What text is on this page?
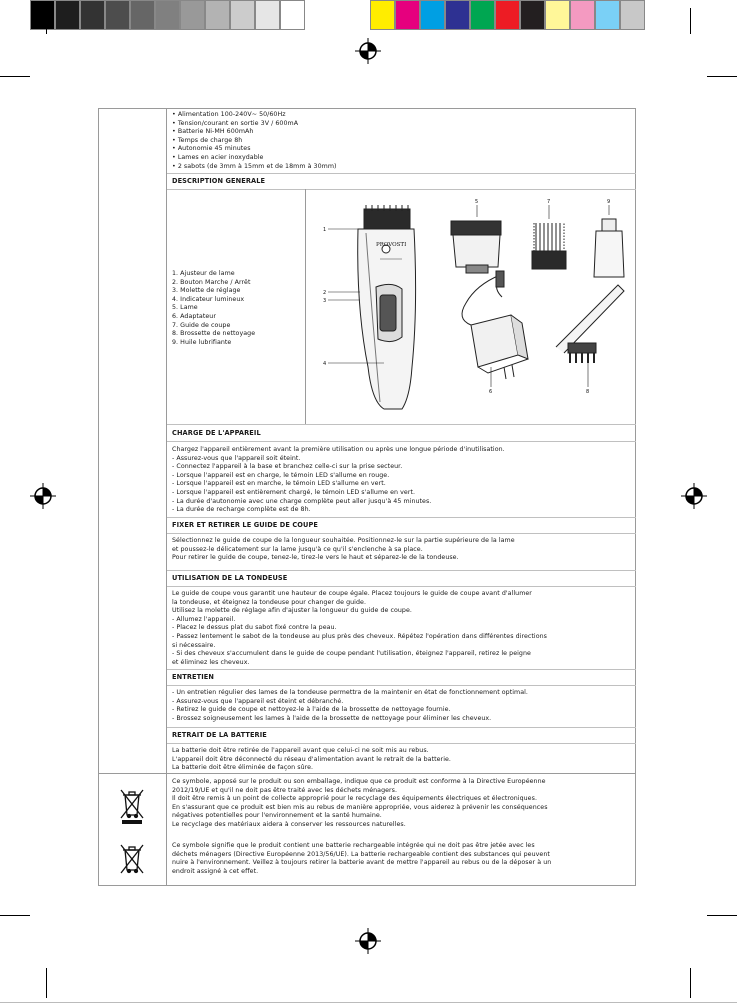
• Alimentation 100-240V~ 50/60Hz
• Tension/courant en sortie 3V / 600mA
• Batterie Ni-MH 600mAh
• Temps de charge 8h
• Autonomie 45 minutes
• Lames en acier inoxydable
• 2 sabots (de 3mm à 15mm et de 18mm à 30mm)
DESCRIPTION GENERALE
1. Ajusteur de lame
2. Bouton Marche / Arrêt
3. Molette de réglage
4. Indicateur lumineux
5. Lame
6. Adaptateur
7. Guide de coupe
8. Brossette de nettoyage
9. Huile lubrifiante
PROVOSTI
1
2
3
4
5	7	9
6	8
CHARGE DE L'APPAREIL

Chargez l'appareil entièrement avant la première utilisation ou après une longue période d'inutilisation.

- Assurez-vous que l'appareil soit éteint.

- Connectez l'appareil à la base et branchez celle-ci sur la prise secteur.

- Lorsque l'appareil est en charge, le témoin LED s'allume en rouge.

- Lorsque l'appareil est en marche, le témoin LED s'allume en vert.

- Lorsque l'appareil est entièrement chargé, le témoin LED s'allume en vert.

- La durée d'autonomie avec une charge complète peut aller jusqu'à 45 minutes.

- La durée de recharge complète est de 8h.

FIXER ET RETIRER LE GUIDE DE COUPE

Sélectionnez le guide de coupe de la longueur souhaitée. Positionnez-le sur la partie supérieure de la lame

et poussez-le délicatement sur la lame jusqu'à ce qu'il s'enclenche à sa place.

Pour retirer le guide de coupe, tenez-le, tirez-le vers le haut et séparez-le de la tondeuse.

UTILISATION DE LA TONDEUSE

Le guide de coupe vous garantit une hauteur de coupe égale. Placez toujours le guide de coupe avant d'allumer

la tondeuse, et éteignez la tondeuse pour changer de guide.

Utilisez la molette de réglage afin d'ajuster la longueur du guide de coupe.

- Allumez l'appareil.

- Placez le dessus plat du sabot fixé contre la peau.

- Passez lentement le sabot de la tondeuse au plus près des cheveux. Répétez l'opération dans différentes directions

si nécessaire.

- Si des cheveux s'accumulent dans le guide de coupe pendant l'utilisation, éteignez l'appareil, retirez le peigne

et éliminez les cheveux.

ENTRETIEN

- Un entretien régulier des lames de la tondeuse permettra de la maintenir en état de fonctionnement optimal.

- Assurez-vous que l'appareil est éteint et débranché.

- Retirez le guide de coupe et nettoyez-le à l'aide de la brossette de nettoyage fournie.

- Brossez soigneusement les lames à l'aide de la brossette de nettoyage pour éliminer les cheveux.

RETRAIT DE LA BATTERIE

La batterie doit être retirée de l'appareil avant que celui-ci ne soit mis au rebus.

L'appareil doit être déconnecté du réseau d'alimentation avant le retrait de la batterie.

La batterie doit être éliminée de façon sûre.

Ce symbole, apposé sur le produit ou son emballage, indique que ce produit est conforme à la Directive Européenne

2012/19/UE et qu'il ne doit pas être traité avec les déchets ménagers.

Il doit être remis à un point de collecte approprié pour le recyclage des équipements électriques et électroniques.

En s'assurant que ce produit est bien mis au rebus de manière appropriée, vous aiderez à prévenir les conséquences

négatives potentielles pour l'environnement et la santé humaine.

Le recyclage des matériaux aidera à conserver les ressources naturelles.

Ce symbole signifie que le produit contient une batterie rechargeable intégrée qui ne doit pas être jetée avec les

déchets ménagers (Directive Européenne 2013/56/UE). La batterie rechargeable contient des substances qui peuvent

nuire à l'environnement. Veillez à toujours retirer la batterie avant de mettre l'appareil au rebus ou de la déposer à un

endroit assigné à cet effet.
